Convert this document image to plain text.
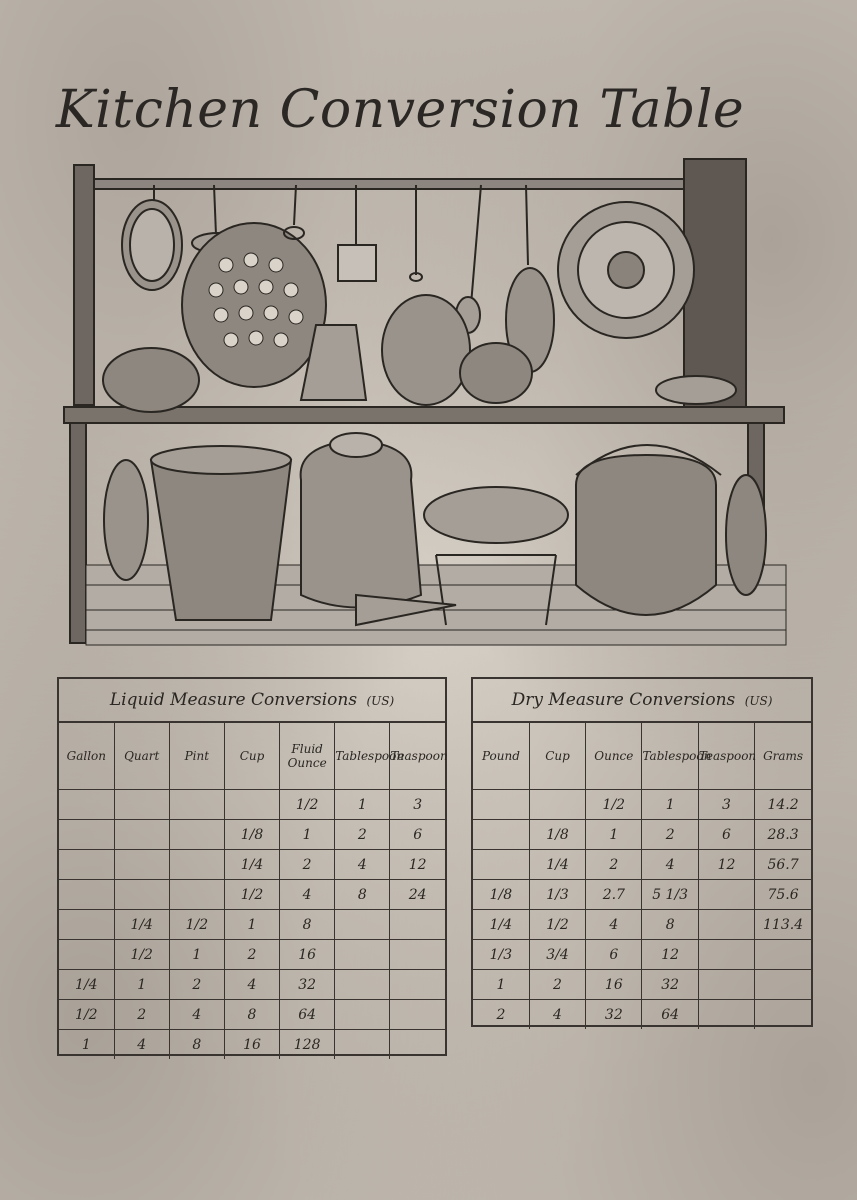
Kitchen Conversion Table
Liquid Measure Conversions (US)
Gallon	Quart	Pint	Cup	Fluid Ounce	Tablespoon	Teaspoon
				1/2	1	3
			1/8	1	2	6
			1/4	2	4	12
			1/2	4	8	24
	1/4	1/2	1	8		
	1/2	1	2	16		
1/4	1	2	4	32		
1/2	2	4	8	64		
1	4	8	16	128		
Dry Measure Conversions (US)
Pound	Cup	Ounce	Tablespoon	Teaspoon	Grams
		1/2	1	3	14.2
	1/8	1	2	6	28.3
	1/4	2	4	12	56.7
1/8	1/3	2.7	5 1/3		75.6
1/4	1/2	4	8		113.4
1/3	3/4	6	12		
1	2	16	32		
2	4	32	64		
